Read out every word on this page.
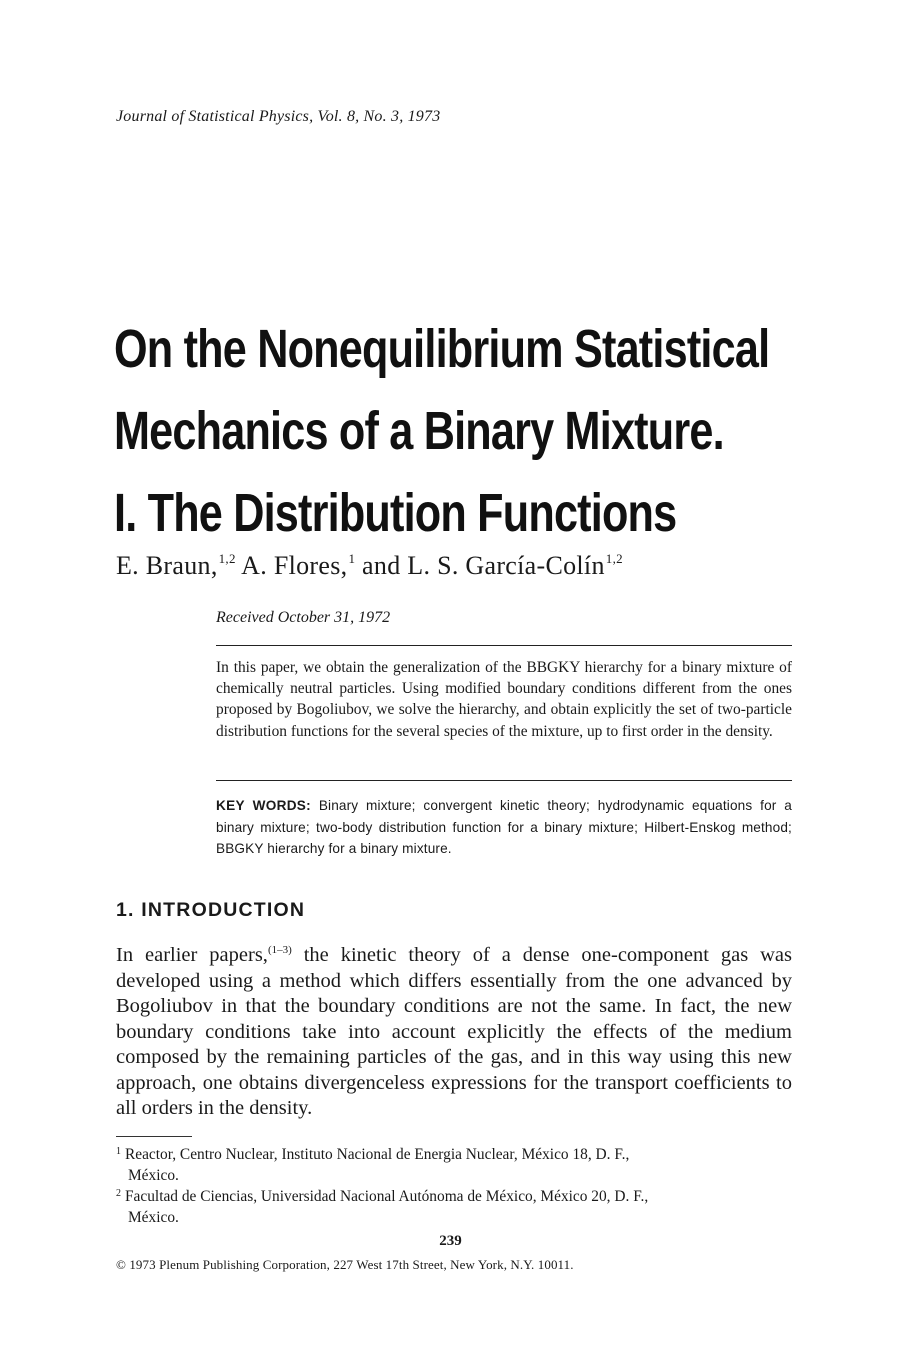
Journal of Statistical Physics, Vol. 8, No. 3, 1973
On the Nonequilibrium Statistical
Mechanics of a Binary Mixture.
I. The Distribution Functions
E. Braun,$^{1,2}$ A. Flores,$^1$ and L. S. García-Colín$^{1,2}$
Received October 31, 1972

In this paper, we obtain the generalization of the BBGKY hierarchy for a binary mixture of chemically neutral particles. Using modified boundary conditions different from the ones proposed by Bogoliubov, we solve the hierarchy, and obtain explicitly the set of two-particle distribution functions for the several species of the mixture, up to first order in the density.

KEY WORDS: Binary mixture; convergent kinetic theory; hydrodynamic equations for a binary mixture; two-body distribution function for a binary mixture; Hilbert-Enskog method; BBGKY hierarchy for a binary mixture.

1. INTRODUCTION

In earlier papers,$^{(1-3)}$ the kinetic theory of a dense one-component gas was developed using a method which differs essentially from the one advanced by Bogoliubov in that the boundary conditions are not the same. In fact, the new boundary conditions take into account explicitly the effects of the medium composed by the remaining particles of the gas, and in this way using this new approach, one obtains divergenceless expressions for the transport coefficients to all orders in the density.

$^1$ Reactor, Centro Nuclear, Instituto Nacional de Energia Nuclear, México 18, D. F.,
México.

$^2$ Facultad de Ciencias, Universidad Nacional Autónoma de México, México 20, D. F.,
México.

239
© 1973 Plenum Publishing Corporation, 227 West 17th Street, New York, N.Y. 10011.
